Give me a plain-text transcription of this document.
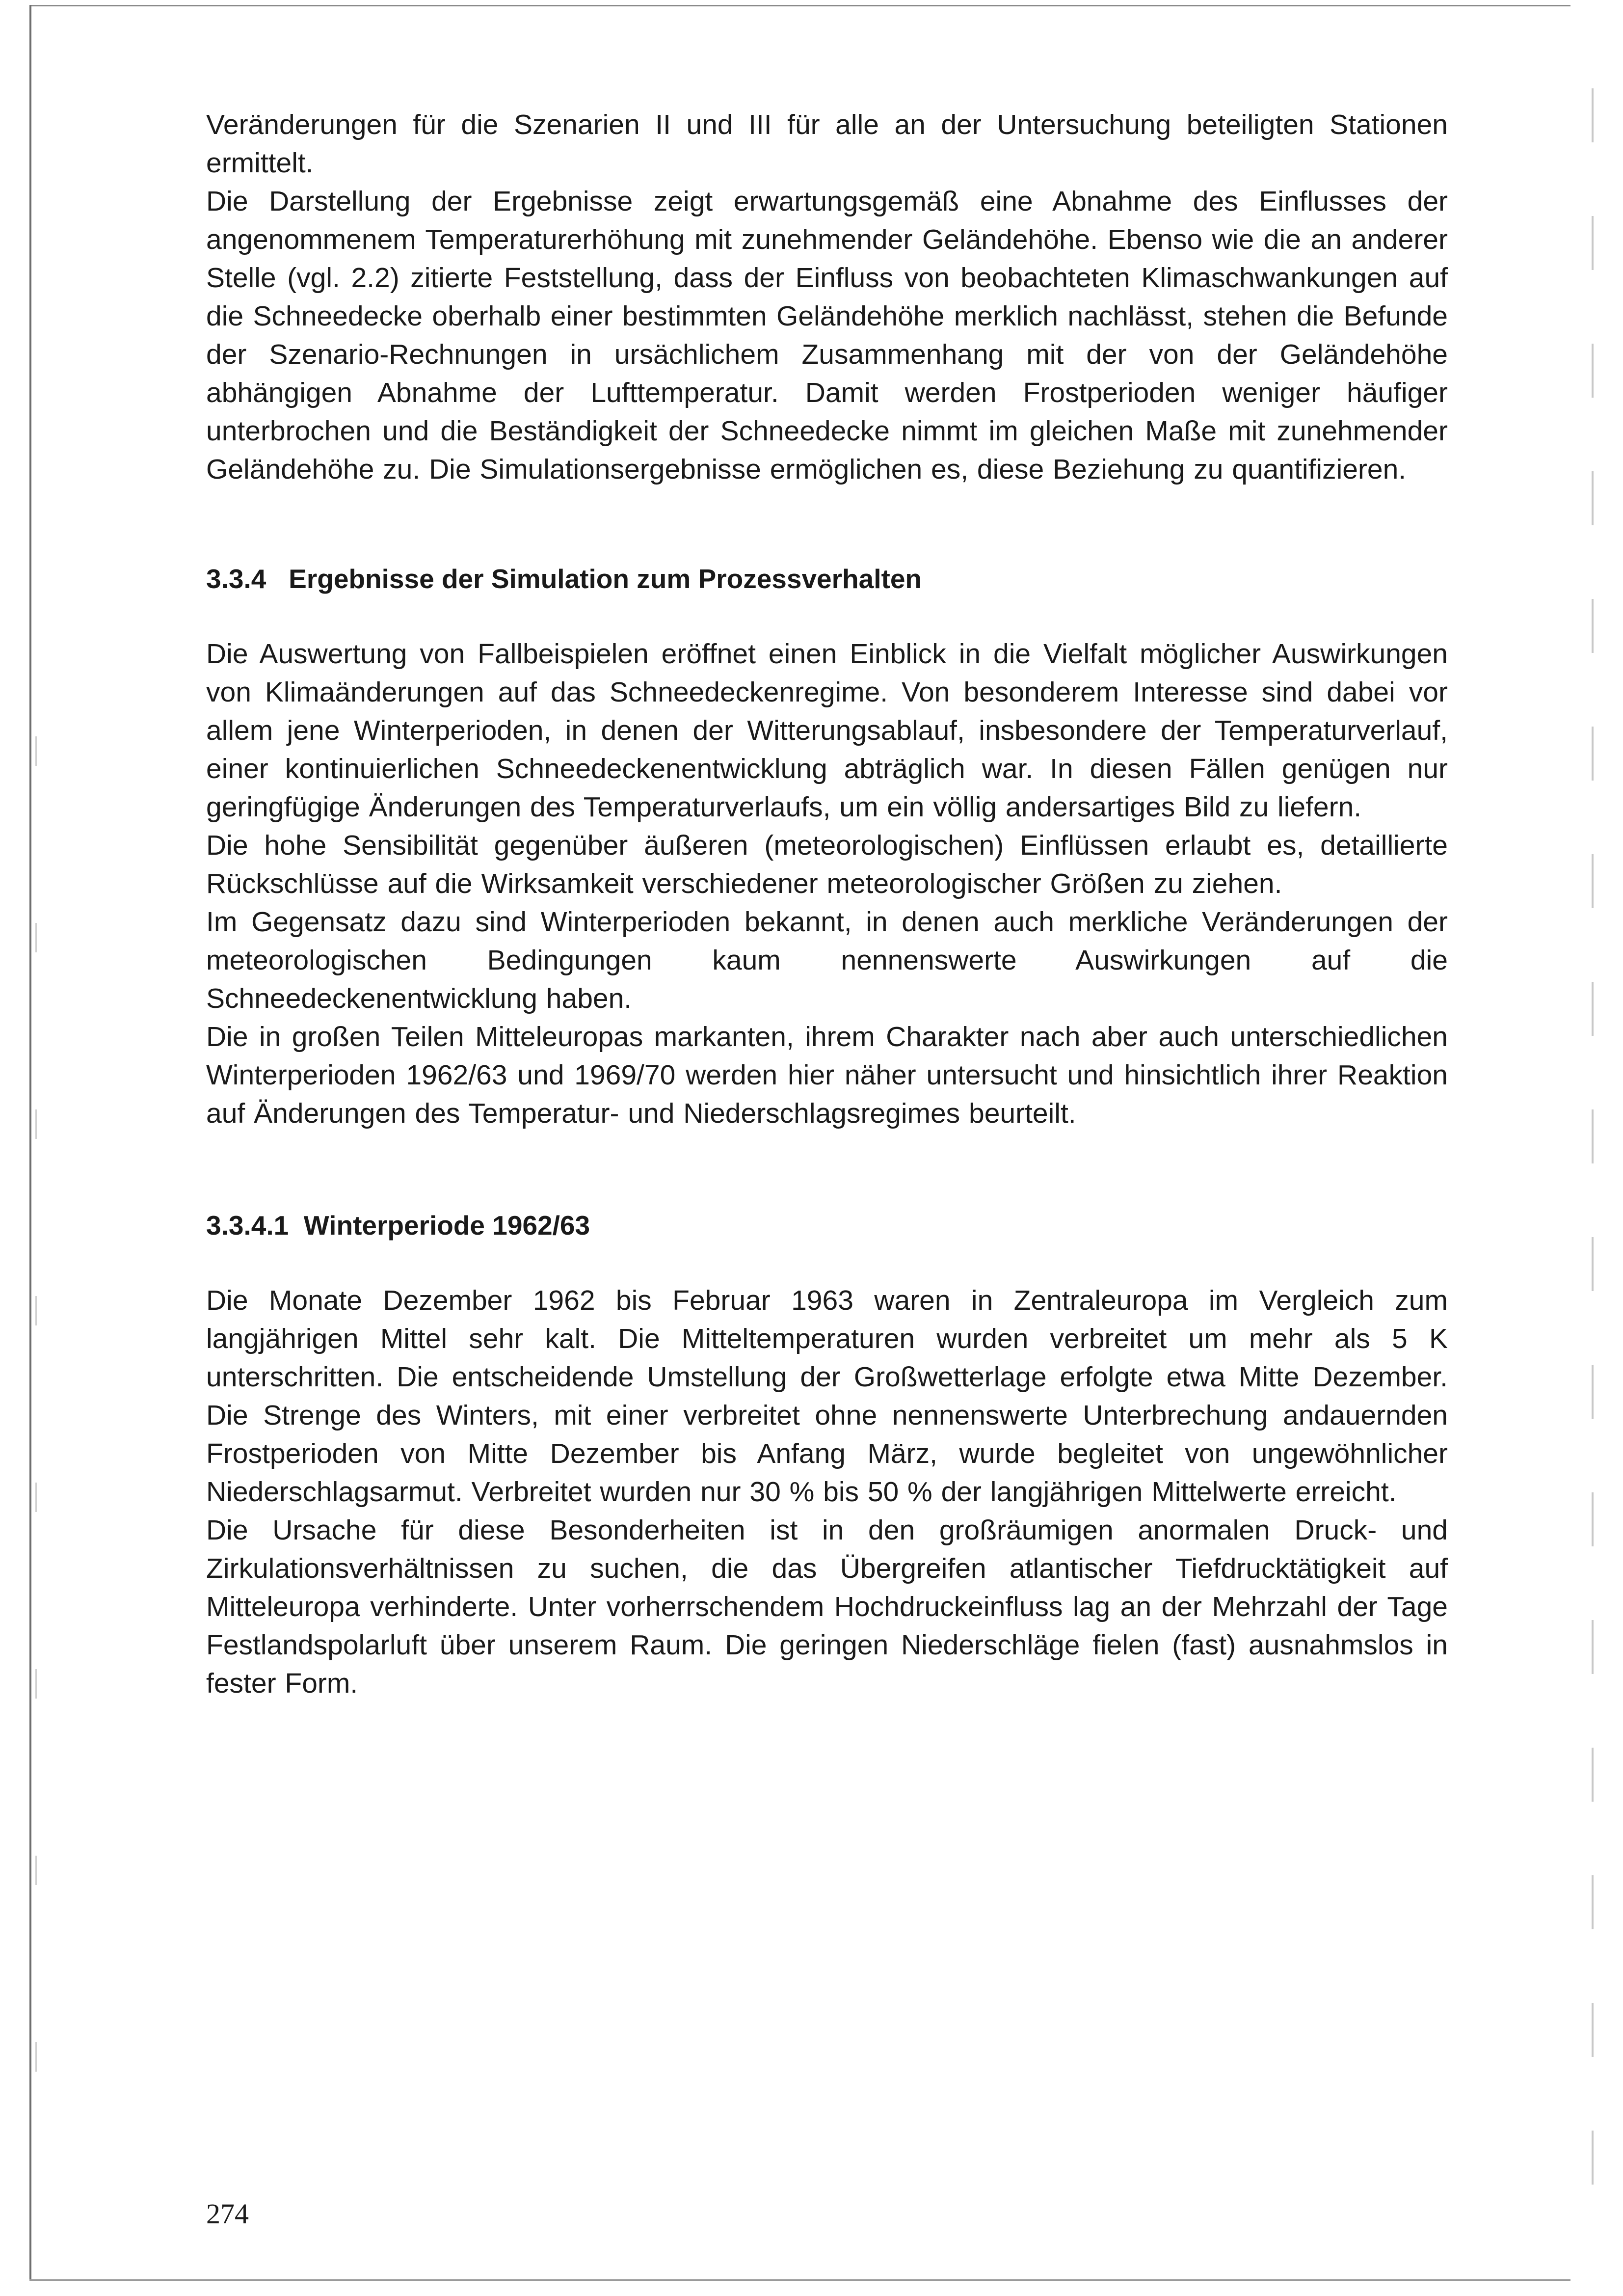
Veränderungen für die Szenarien II und III für alle an der Untersuchung beteiligten Stationen ermittelt.

Die Darstellung der Ergebnisse zeigt erwartungsgemäß eine Abnahme des Einflusses der angenommenem Temperaturerhöhung mit zunehmender Geländehöhe. Ebenso wie die an anderer Stelle (vgl. 2.2) zitierte Feststellung, dass der Einfluss von beobachteten Klimaschwankungen auf die Schneedecke oberhalb einer bestimmten Geländehöhe merklich nachlässt, stehen die Befunde der Szenario-Rechnungen in ursächlichem Zusammenhang mit der von der Geländehöhe abhängigen Abnahme der Lufttemperatur. Damit werden Frostperioden weniger häufiger unterbrochen und die Beständigkeit der Schneedecke nimmt im gleichen Maße mit zunehmender Geländehöhe zu. Die Simulationsergebnisse ermöglichen es, diese Beziehung zu quantifizieren.

3.3.4   Ergebnisse der Simulation zum Prozessverhalten

Die Auswertung von Fallbeispielen eröffnet einen Einblick in die Vielfalt möglicher Auswirkungen von Klimaänderungen auf das Schneedeckenregime. Von besonderem Interesse sind dabei vor allem jene Winterperioden, in denen der Witterungsablauf, insbesondere der Temperaturverlauf, einer kontinuierlichen Schneedeckenentwicklung abträglich war. In diesen Fällen genügen nur geringfügige Änderungen des Temperaturverlaufs, um ein völlig andersartiges Bild zu liefern.

Die hohe Sensibilität gegenüber äußeren (meteorologischen) Einflüssen erlaubt es, detaillierte Rückschlüsse auf die Wirksamkeit verschiedener meteorologischer Größen zu ziehen.

Im Gegensatz dazu sind Winterperioden bekannt, in denen auch merkliche Veränderungen der meteorologischen Bedingungen kaum nennenswerte Auswirkungen auf die Schneedeckenentwicklung haben.

Die in großen Teilen Mitteleuropas markanten, ihrem Charakter nach aber auch unterschiedlichen Winterperioden 1962/63 und 1969/70 werden hier näher untersucht und hinsichtlich ihrer Reaktion auf Änderungen des Temperatur- und Niederschlagsregimes beurteilt.

3.3.4.1  Winterperiode 1962/63

Die Monate Dezember 1962 bis Februar 1963 waren in Zentraleuropa im Vergleich zum langjährigen Mittel sehr kalt. Die Mitteltemperaturen wurden verbreitet um mehr als 5 K unterschritten. Die entscheidende Umstellung der Großwetterlage erfolgte etwa Mitte Dezember. Die Strenge des Winters, mit einer verbreitet ohne nennenswerte Unterbrechung andauernden Frostperioden von Mitte Dezember bis Anfang März, wurde begleitet von ungewöhnlicher Niederschlagsarmut. Verbreitet wurden nur 30 % bis 50 % der langjährigen Mittelwerte erreicht.

Die Ursache für diese Besonderheiten ist in den großräumigen anormalen Druck- und Zirkulationsverhältnissen zu suchen, die das Übergreifen atlantischer Tiefdrucktätigkeit auf Mitteleuropa verhinderte. Unter vorherrschendem Hochdruckeinfluss lag an der Mehrzahl der Tage Festlandspolarluft über unserem Raum. Die geringen Niederschläge fielen (fast) ausnahmslos in fester Form.

274
